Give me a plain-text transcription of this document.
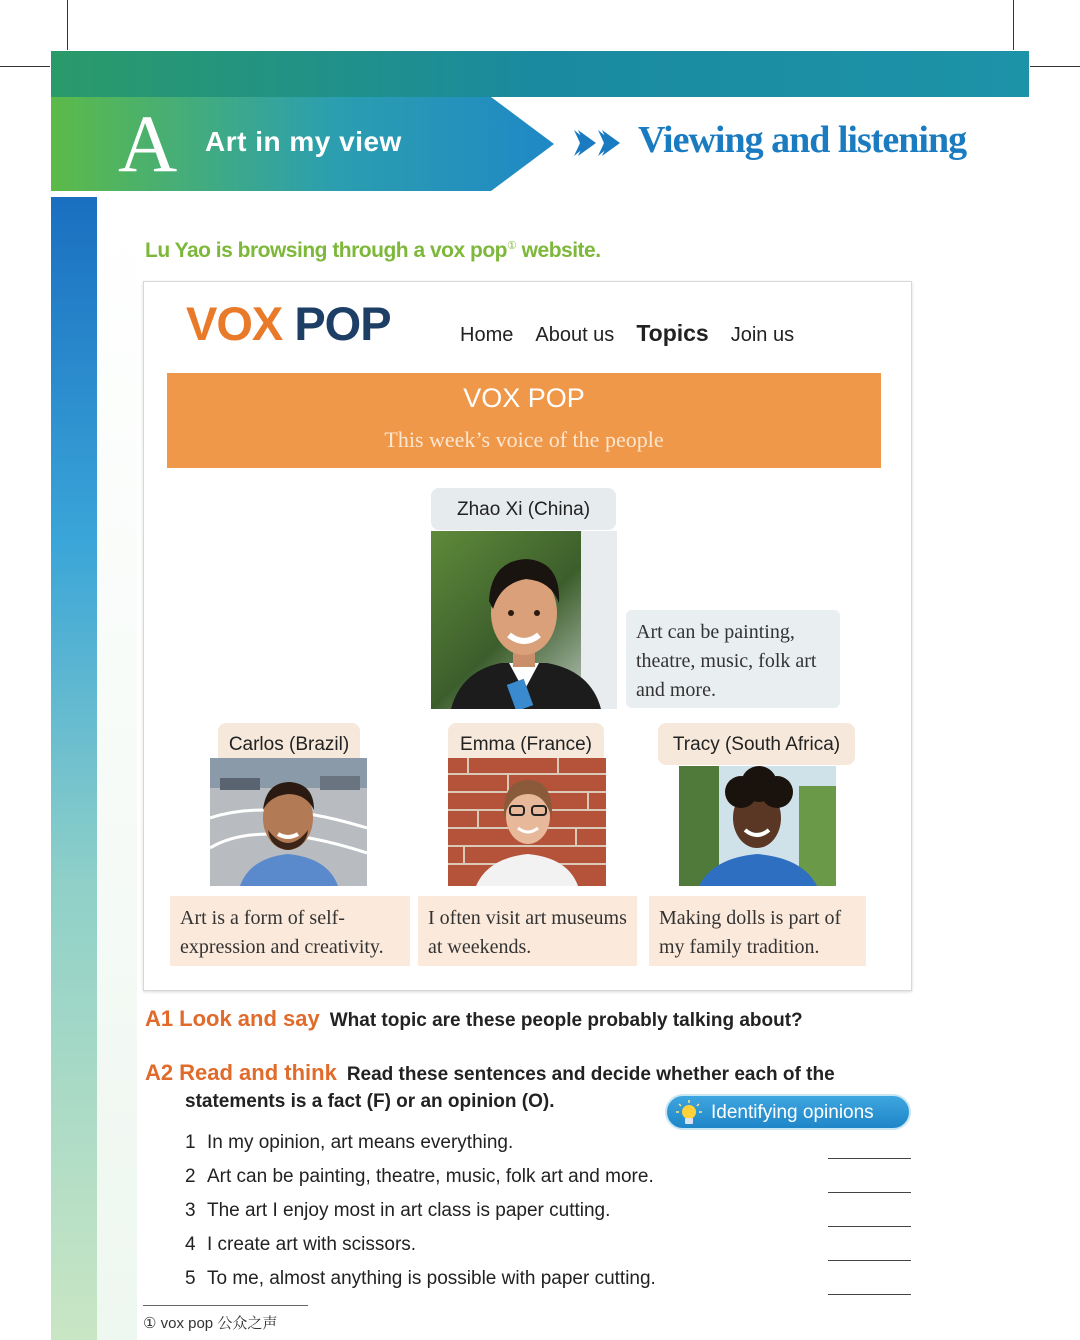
A Art in my view	Viewing and listening
Lu Yao is browsing through a vox pop① website.
VOX POP	Home About us Topics Join us
VOX POP
This week’s voice of the people
Zhao Xi (China)
Art can be painting, theatre, music, folk art and more.
Carlos (Brazil)
Art is a form of self-expression and creativity.
Emma (France)
I often visit art museums at weekends.
Tracy (South Africa)
Making dolls is part of my family tradition.
A1 Look and say What topic are these people probably talking about?
A2 Read and think Read these sentences and decide whether each of the
statements is a fact (F) or an opinion (O).
Identifying opinions
1 In my opinion, art means everything.
2 Art can be painting, theatre, music, folk art and more.
3 The art I enjoy most in art class is paper cutting.
4 I create art with scissors.
5 To me, almost anything is possible with paper cutting.
① vox pop 公众之声
